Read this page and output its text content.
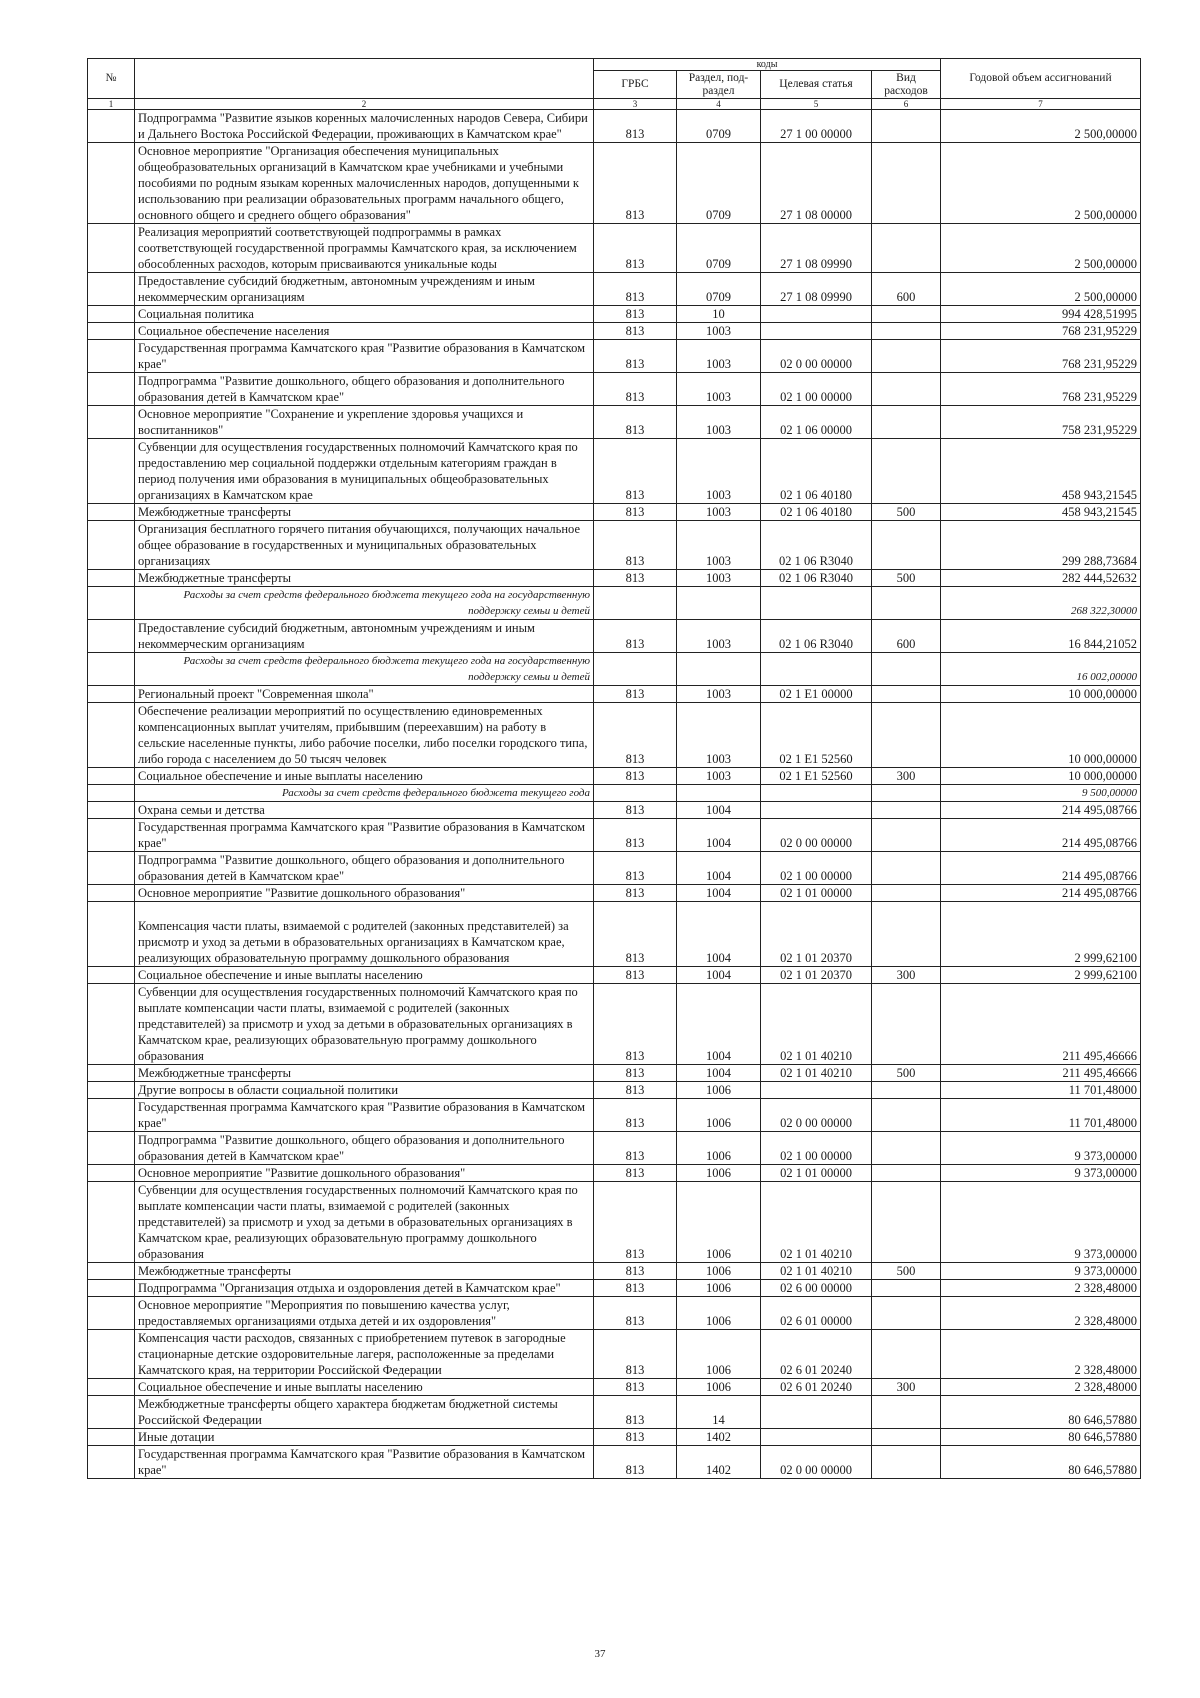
№		коды				Годовой объем ассигнований
		ГРБС	Раздел, под-раздел	Целевая статья	Вид расходов	
1	2	3	4	5	6	7
	Подпрограмма "Развитие языков коренных малочисленных народов Севера, Сибири и Дальнего Востока Российской Федерации, проживающих в Камчатском крае"	813	0709	27 1 00 00000		2 500,00000
	Основное мероприятие "Организация обеспечения муниципальных общеобразовательных организаций в Камчатском крае учебниками и учебными пособиями по родным языкам коренных малочисленных народов, допущенными к использованию при реализации образовательных программ начального общего, основного общего и среднего общего образования"	813	0709	27 1 08 00000		2 500,00000
	Реализация мероприятий соответствующей подпрограммы в рамках соответствующей государственной программы Камчатского края, за исключением обособленных расходов, которым присваиваются уникальные коды	813	0709	27 1 08 09990		2 500,00000
	Предоставление субсидий бюджетным, автономным учреждениям и иным некоммерческим организациям	813	0709	27 1 08 09990	600	2 500,00000
	Социальная политика	813	10			994 428,51995
	Социальное обеспечение населения	813	1003			768 231,95229
	Государственная программа Камчатского края "Развитие образования в Камчатском крае"	813	1003	02 0 00 00000		768 231,95229
	Подпрограмма "Развитие дошкольного, общего образования и дополнительного образования детей в Камчатском крае"	813	1003	02 1 00 00000		768 231,95229
	Основное мероприятие "Сохранение и укрепление здоровья учащихся и воспитанников"	813	1003	02 1 06 00000		758 231,95229
	Субвенции для осуществления государственных полномочий Камчатского края по предоставлению мер социальной поддержки отдельным категориям граждан в период получения ими образования в муниципальных общеобразовательных организациях в Камчатском крае	813	1003	02 1 06 40180		458 943,21545
	Межбюджетные трансферты	813	1003	02 1 06 40180	500	458 943,21545
	Организация бесплатного горячего питания обучающихся, получающих начальное общее образование в государственных и муниципальных образовательных организациях	813	1003	02 1 06 R3040		299 288,73684
	Межбюджетные трансферты	813	1003	02 1 06 R3040	500	282 444,52632
	Расходы за счет средств федерального бюджета текущего года на государственную поддержку семьи и детей					268 322,30000
	Предоставление субсидий бюджетным, автономным учреждениям и иным некоммерческим организациям	813	1003	02 1 06 R3040	600	16 844,21052
	Расходы за счет средств федерального бюджета текущего года на государственную поддержку семьи и детей					16 002,00000
	Региональный проект "Современная школа"	813	1003	02 1 E1 00000		10 000,00000
	Обеспечение реализации мероприятий по осуществлению единовременных компенсационных выплат учителям, прибывшим (переехавшим) на работу в сельские населенные пункты, либо рабочие поселки, либо поселки городского типа, либо города с населением до 50 тысяч человек	813	1003	02 1 E1 52560		10 000,00000
	Социальное обеспечение и иные выплаты населению	813	1003	02 1 E1 52560	300	10 000,00000
	Расходы за счет средств федерального бюджета текущего года					9 500,00000
	Охрана семьи и детства	813	1004			214 495,08766
	Государственная программа Камчатского края "Развитие образования в Камчатском крае"	813	1004	02 0 00 00000		214 495,08766
	Подпрограмма "Развитие дошкольного, общего образования и дополнительного образования детей в Камчатском крае"	813	1004	02 1 00 00000		214 495,08766
	Основное мероприятие "Развитие дошкольного образования"	813	1004	02 1 01 00000		214 495,08766
	Компенсация части платы, взимаемой с родителей (законных представителей) за присмотр и уход за детьми в образовательных организациях в Камчатском крае, реализующих образовательную программу дошкольного образования	813	1004	02 1 01 20370		2 999,62100
	Социальное обеспечение и иные выплаты населению	813	1004	02 1 01 20370	300	2 999,62100
	Субвенции для осуществления государственных полномочий Камчатского края по выплате компенсации части платы, взимаемой с родителей (законных представителей) за присмотр и уход за детьми в образовательных организациях в Камчатском крае, реализующих образовательную программу дошкольного образования	813	1004	02 1 01 40210		211 495,46666
	Межбюджетные трансферты	813	1004	02 1 01 40210	500	211 495,46666
	Другие вопросы в области социальной политики	813	1006			11 701,48000
	Государственная программа Камчатского края "Развитие образования в Камчатском крае"	813	1006	02 0 00 00000		11 701,48000
	Подпрограмма "Развитие дошкольного, общего образования и дополнительного образования детей в Камчатском крае"	813	1006	02 1 00 00000		9 373,00000
	Основное мероприятие "Развитие дошкольного образования"	813	1006	02 1 01 00000		9 373,00000
	Субвенции для осуществления государственных полномочий Камчатского края по выплате компенсации части платы, взимаемой с родителей (законных представителей) за присмотр и уход за детьми в образовательных организациях в Камчатском крае, реализующих образовательную программу дошкольного образования	813	1006	02 1 01 40210		9 373,00000
	Межбюджетные трансферты	813	1006	02 1 01 40210	500	9 373,00000
	Подпрограмма "Организация отдыха и оздоровления детей в Камчатском крае"	813	1006	02 6 00 00000		2 328,48000
	Основное мероприятие "Мероприятия по повышению качества услуг, предоставляемых организациями отдыха детей и их оздоровления"	813	1006	02 6 01 00000		2 328,48000
	Компенсация части расходов, связанных с приобретением путевок в загородные стационарные детские оздоровительные лагеря, расположенные за пределами Камчатского края, на территории Российской Федерации	813	1006	02 6 01 20240		2 328,48000
	Социальное обеспечение и иные выплаты населению	813	1006	02 6 01 20240	300	2 328,48000
	Межбюджетные трансферты общего характера бюджетам бюджетной системы Российской Федерации	813	14			80 646,57880
	Иные дотации	813	1402			80 646,57880
	Государственная программа Камчатского края "Развитие образования в Камчатском крае"	813	1402	02 0 00 00000		80 646,57880
37
